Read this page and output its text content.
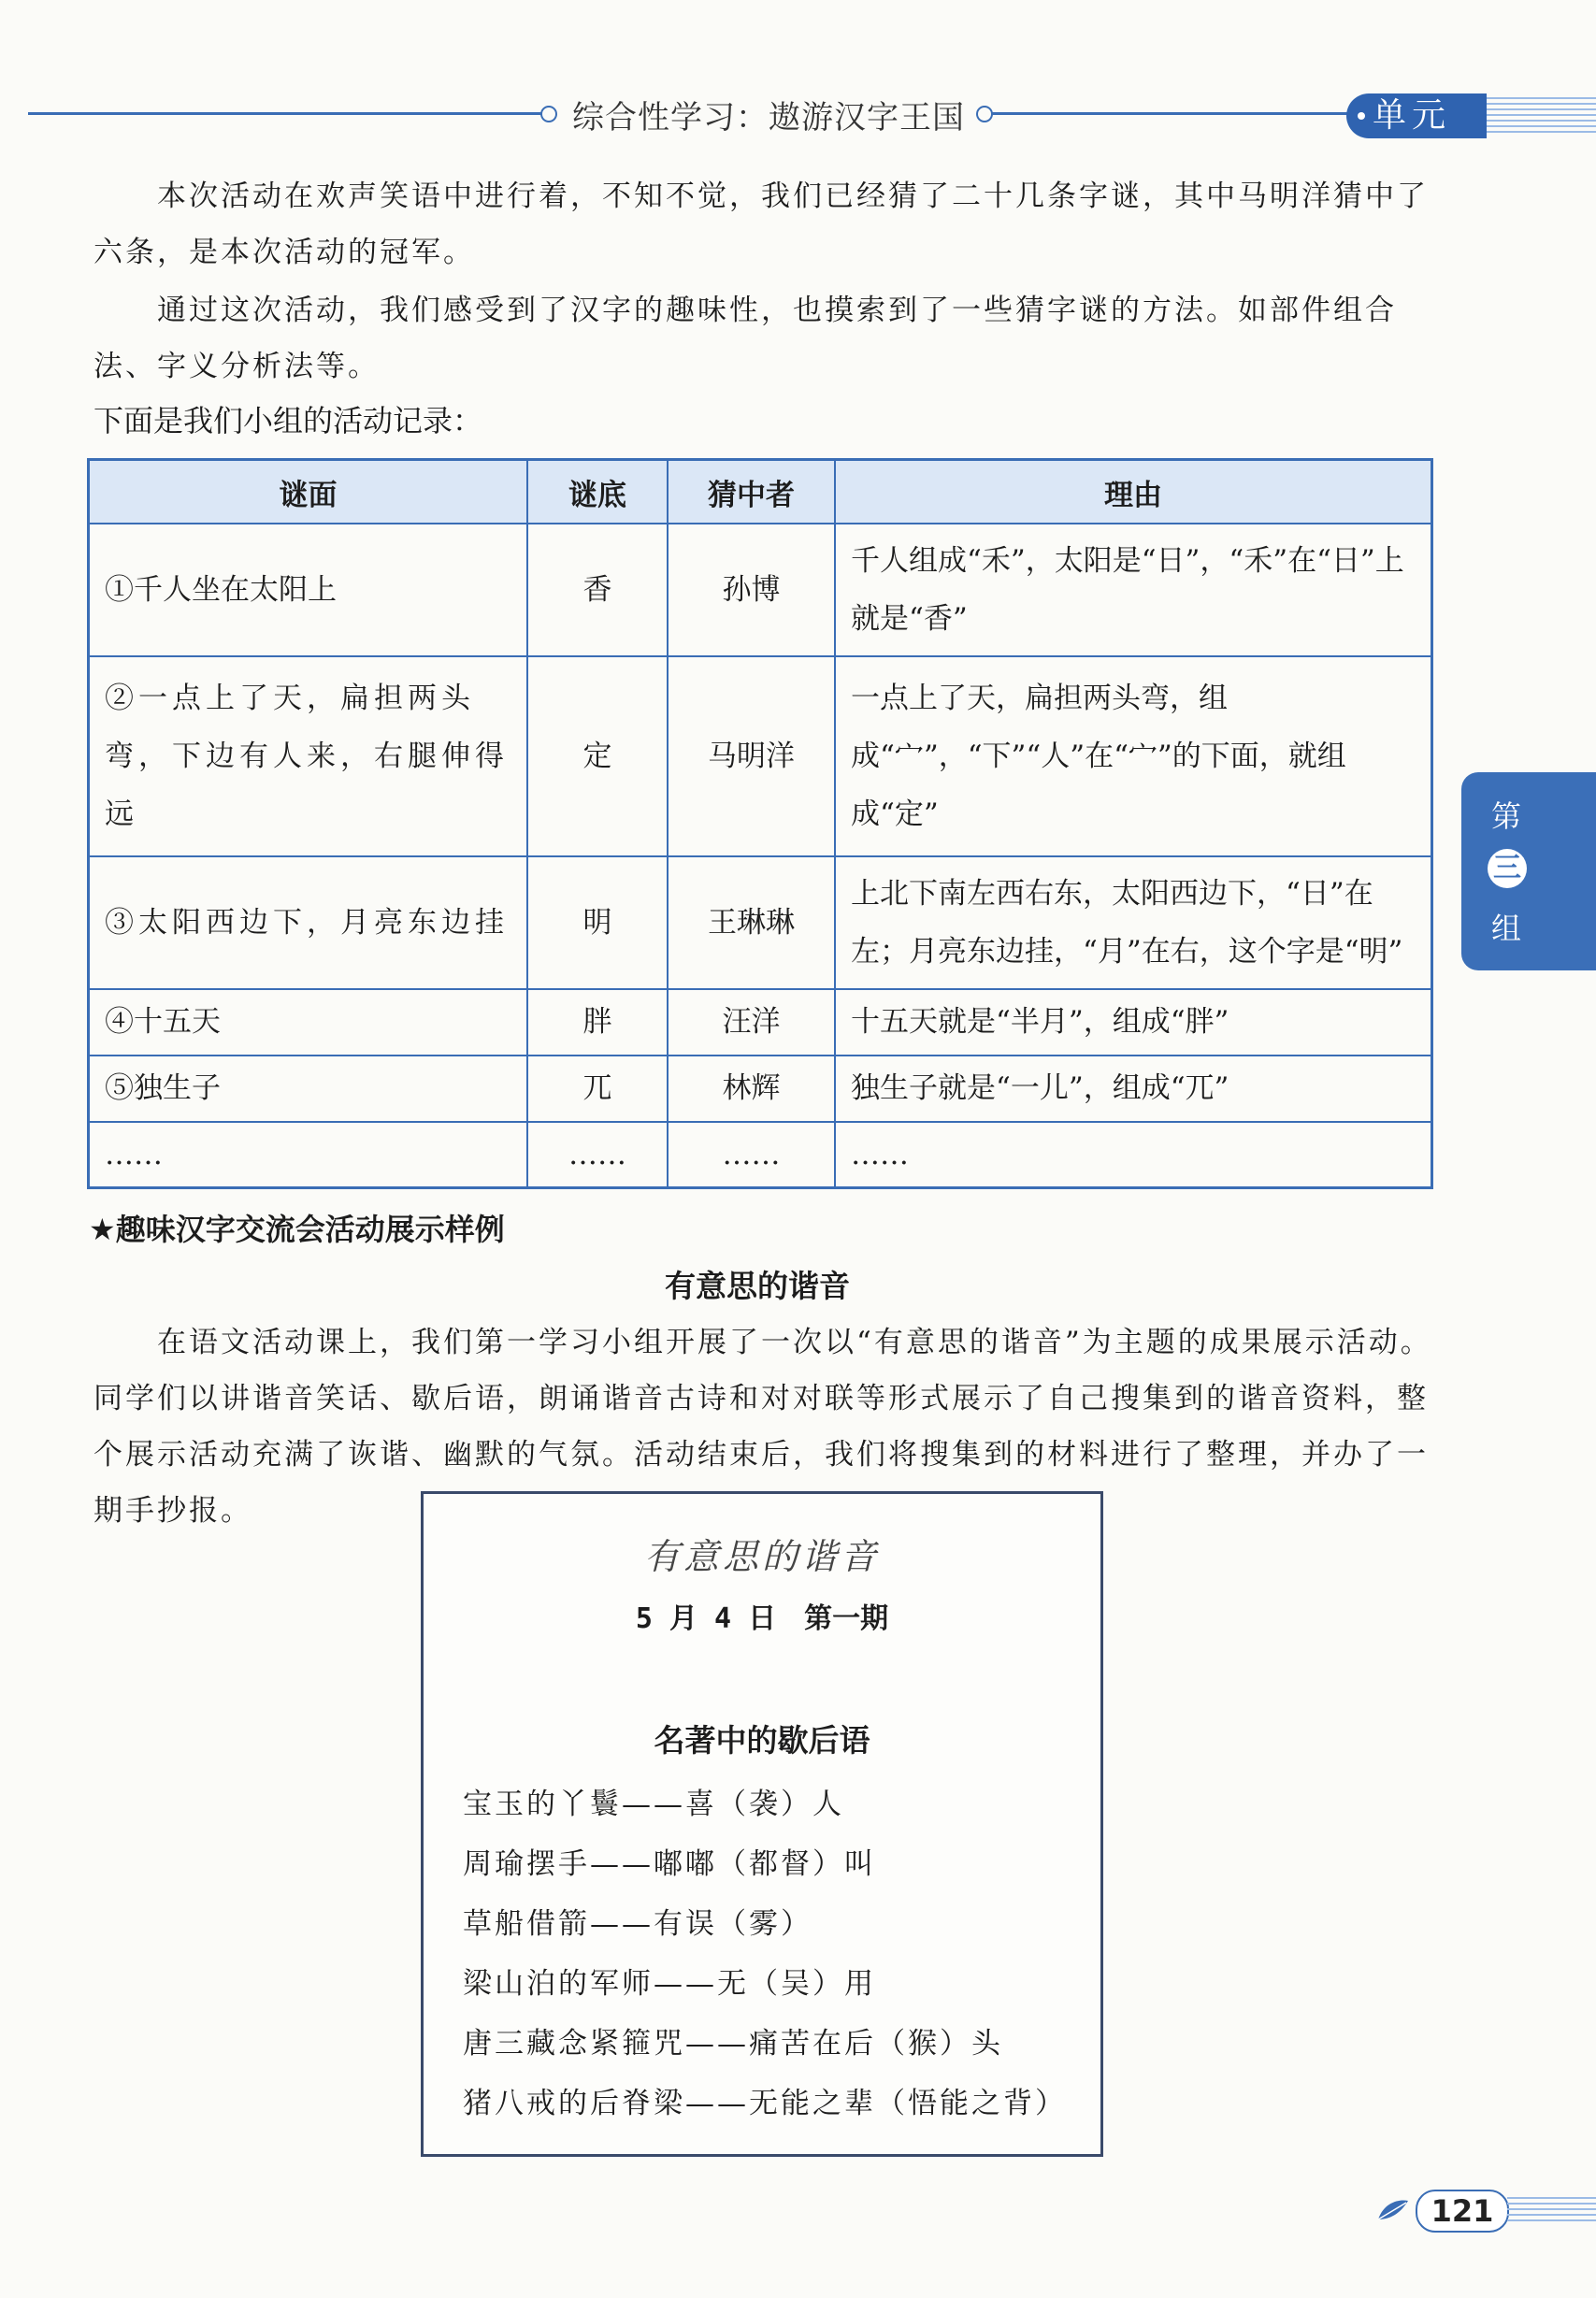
综合性学习：遨游汉字王国	单元
第
三
组
本次活动在欢声笑语中进行着，不知不觉，我们已经猜了二十几条字谜，其中马明洋猜中了六条，是本次活动的冠军。
通过这次活动，我们感受到了汉字的趣味性，也摸索到了一些猜字谜的方法。如部件组合法、字义分析法等。
下面是我们小组的活动记录：
谜面	谜底	猜中者	理由
①千人坐在太阳上	香	孙博	千人组成“禾”，太阳是“日”，“禾”在“日”上就是“香”
②一点上了天，扁担两头弯，下边有人来，右腿伸得远	定	马明洋	一点上了天，扁担两头弯，组成“宀”，“下”“人”在“宀”的下面，就组成“定”
③太阳西边下，月亮东边挂	明	王琳琳	上北下南左西右东，太阳西边下，“日”在左；月亮东边挂，“月”在右，这个字是“明”
④十五天	胖	汪洋	十五天就是“半月”，组成“胖”
⑤独生子	兀	林辉	独生子就是“一儿”，组成“兀”
……	……	……	……
★趣味汉字交流会活动展示样例
有意思的谐音
在语文活动课上，我们第一学习小组开展了一次以“有意思的谐音”为主题的成果展示活动。同学们以讲谐音笑话、歇后语，朗诵谐音古诗和对对联等形式展示了自己搜集到的谐音资料，整个展示活动充满了诙谐、幽默的气氛。活动结束后，我们将搜集到的材料进行了整理，并办了一期手抄报。
有意思的谐音
5 月 4 日　第一期
名著中的歇后语
宝玉的丫鬟——喜（袭）人
周瑜摆手——嘟嘟（都督）叫
草船借箭——有误（雾）
梁山泊的军师——无（吴）用
唐三藏念紧箍咒——痛苦在后（猴）头
猪八戒的后脊梁——无能之辈（悟能之背）
121
